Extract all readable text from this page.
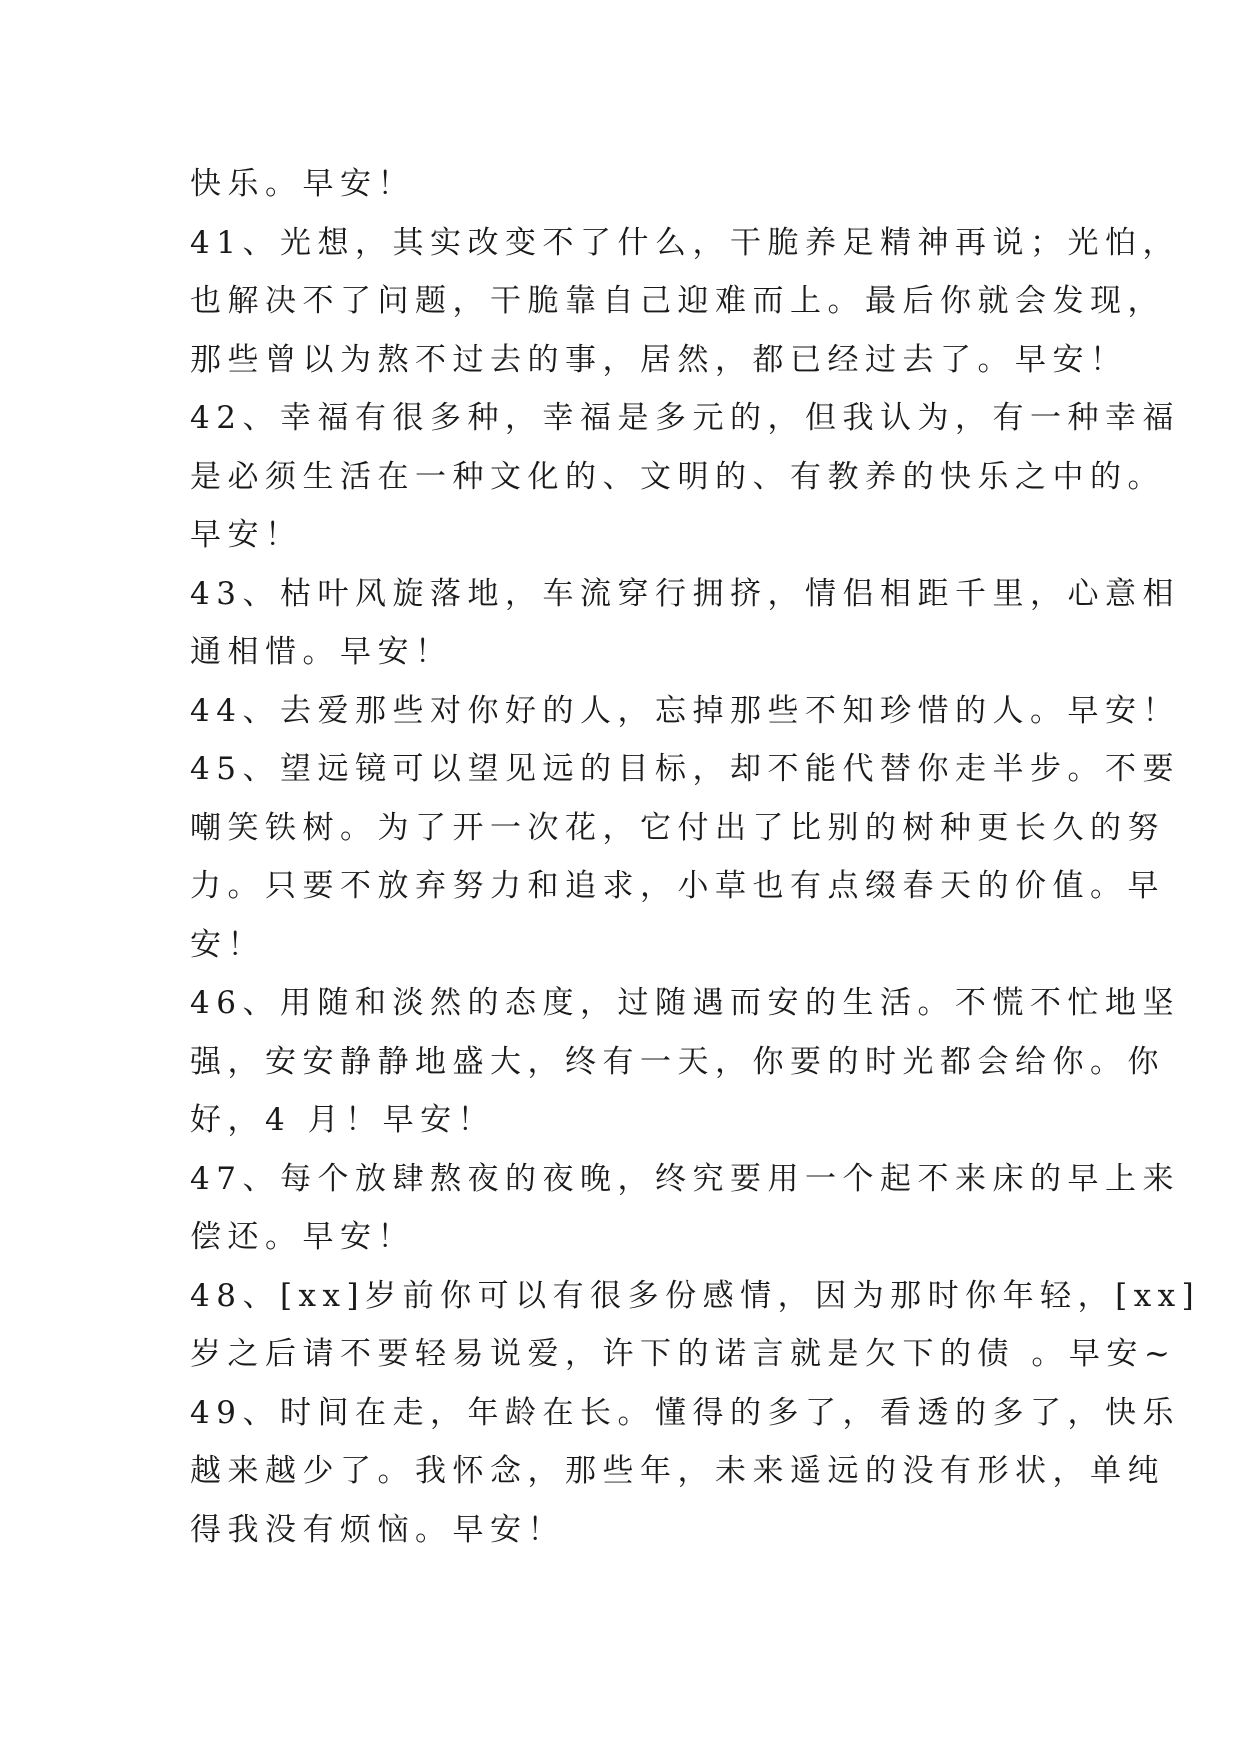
快乐。早安！
41、光想，其实改变不了什么，干脆养足精神再说；光怕，
也解决不了问题，干脆靠自己迎难而上。最后你就会发现，
那些曾以为熬不过去的事，居然，都已经过去了。早安！
42、幸福有很多种，幸福是多元的，但我认为，有一种幸福
是必须生活在一种文化的、文明的、有教养的快乐之中的。
早安！
43、枯叶风旋落地，车流穿行拥挤，情侣相距千里，心意相
通相惜。早安！
44、去爱那些对你好的人，忘掉那些不知珍惜的人。早安！
45、望远镜可以望见远的目标，却不能代替你走半步。不要
嘲笑铁树。为了开一次花，它付出了比别的树种更长久的努
力。只要不放弃努力和追求，小草也有点缀春天的价值。早
安！
46、用随和淡然的态度，过随遇而安的生活。不慌不忙地坚
强，安安静静地盛大，终有一天，你要的时光都会给你。你
好，4 月！早安！
47、每个放肆熬夜的夜晚，终究要用一个起不来床的早上来
偿还。早安！
48、[xx]岁前你可以有很多份感情，因为那时你年轻，[xx]
岁之后请不要轻易说爱，许下的诺言就是欠下的债 。早安~
49、时间在走，年龄在长。懂得的多了，看透的多了，快乐
越来越少了。我怀念，那些年，未来遥远的没有形状，单纯
得我没有烦恼。早安！
